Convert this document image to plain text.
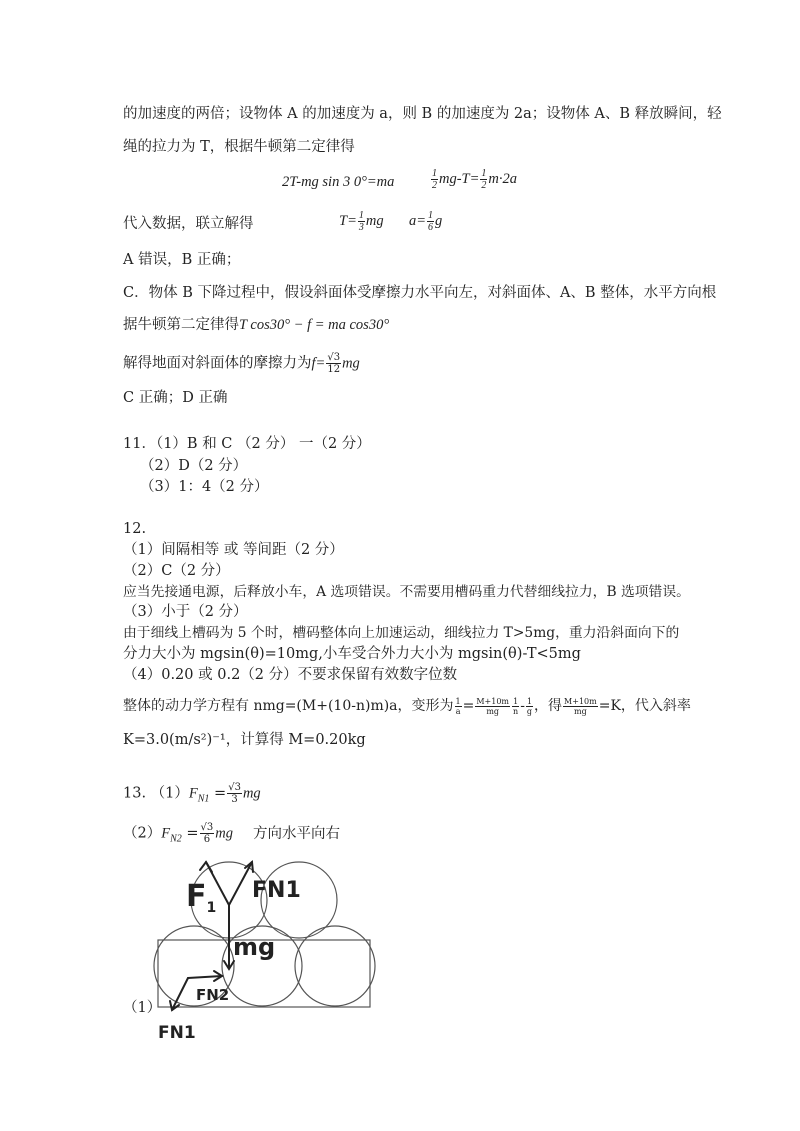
的加速度的两倍；设物体 A 的加速度为 a，则 B 的加速度为 2a；设物体 A、B 释放瞬间，轻
绳的拉力为 T，根据牛顿第二定律得
2T-mg sin 3 0°=ma	$\frac{1}{2} mg-T= \frac{1}{2} m\cdot 2a$
代入数据，联立解得	$T= \frac{1}{3}$ mg $a= \frac{1}{6}$ g
A 错误，B 正确；
C．物体 B 下降过程中，假设斜面体受摩擦力水平向左，对斜面体、A、B 整体，水平方向根
据牛顿第二定律得T cos30° − f = ma cos30°
解得地面对斜面体的摩擦力为$f= \frac{√3}{12}$ mg
C 正确；D 正确
11．（1）B 和 C （2 分） 一（2 分）
（2）D（2 分）
（3）1：4（2 分）
12.
（1）间隔相等 或 等间距（2 分）
（2）C（2 分）
应当先接通电源，后释放小车，A 选项错误。不需要用槽码重力代替细线拉力，B 选项错误。
（3）小于（2 分）
由于细线上槽码为 5 个时，槽码整体向上加速运动，细线拉力 T>5mg，重力沿斜面向下的
分力大小为 mgsin(θ)=10mg,小车受合外力大小为 mgsin(θ)-T<5mg
（4）0.20 或 0.2（2 分）不要求保留有效数字位数
整体的动力学方程有 nmg=(M+(10-n)m)a，变形为 $\frac{1}{a} = \frac{M+10m}{mg} \frac{1}{n} - \frac{1}{g}$ ，得 $\frac{M+10m}{mg} =K$，代入斜率
K=3.0(m/s²)⁻¹，计算得 M=0.20kg
13. $(1)F_{N1} = \frac{√3}{3}$ mg
$(2)F_{N2} = \frac{√3}{6}$ mg 方向水平向右
（1）
$F_1$
FN1
mg
FN2
FN1
